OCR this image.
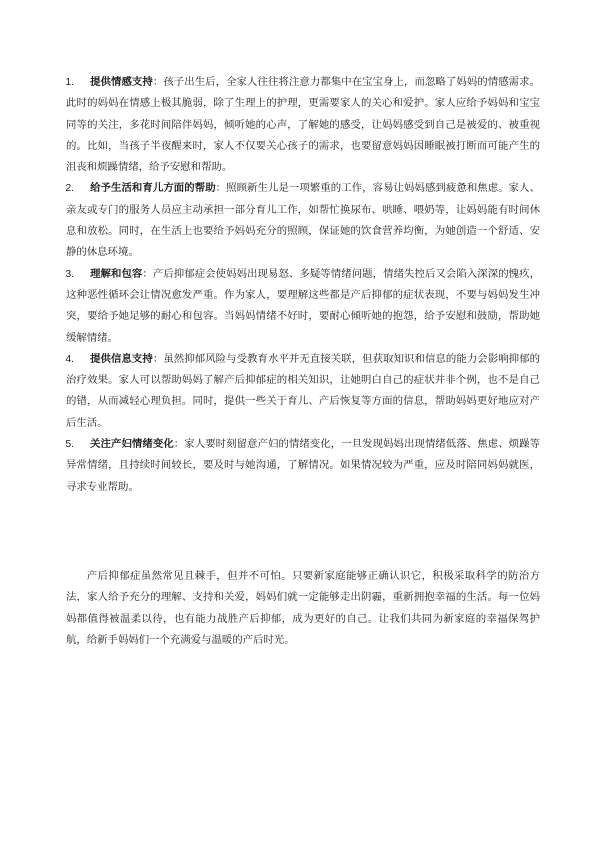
1.	提供情感支持：孩子出生后，全家人往往将注意力都集中在宝宝身上，而忽略了妈妈的情感需求。此时的妈妈在情感上极其脆弱，除了生理上的护理，更需要家人的关心和爱护。家人应给予妈妈和宝宝同等的关注，多花时间陪伴妈妈，倾听她的心声，了解她的感受，让妈妈感受到自己是被爱的、被重视的。比如，当孩子半夜醒来时，家人不仅要关心孩子的需求，也要留意妈妈因睡眠被打断而可能产生的沮丧和烦躁情绪，给予安慰和帮助。
2.	给予生活和育儿方面的帮助：照顾新生儿是一项繁重的工作，容易让妈妈感到疲惫和焦虑。家人、亲友或专门的服务人员应主动承担一部分育儿工作，如帮忙换尿布、哄睡、喂奶等，让妈妈能有时间休息和放松。同时，在生活上也要给予妈妈充分的照顾，保证她的饮食营养均衡，为她创造一个舒适、安静的休息环境。
3.	理解和包容：产后抑郁症会使妈妈出现易怒、多疑等情绪问题，情绪失控后又会陷入深深的愧疚，这种恶性循环会让情况愈发严重。作为家人，要理解这些都是产后抑郁的症状表现，不要与妈妈发生冲突，要给予她足够的耐心和包容。当妈妈情绪不好时，要耐心倾听她的抱怨，给予安慰和鼓励，帮助她缓解情绪。
4.	提供信息支持：虽然抑郁风险与受教育水平并无直接关联，但获取知识和信息的能力会影响抑郁的治疗效果。家人可以帮助妈妈了解产后抑郁症的相关知识，让她明白自己的症状并非个例，也不是自己的错，从而减轻心理负担。同时，提供一些关于育儿、产后恢复等方面的信息，帮助妈妈更好地应对产后生活。
5.	关注产妇情绪变化：家人要时刻留意产妇的情绪变化，一旦发现妈妈出现情绪低落、焦虑、烦躁等异常情绪，且持续时间较长，要及时与她沟通，了解情况。如果情况较为严重，应及时陪同妈妈就医，寻求专业帮助。

产后抑郁症虽然常见且棘手，但并不可怕。只要新家庭能够正确认识它，积极采取科学的防治方法，家人给予充分的理解、支持和关爱，妈妈们就一定能够走出阴霾，重新拥抱幸福的生活。每一位妈妈都值得被温柔以待，也有能力战胜产后抑郁，成为更好的自己。让我们共同为新家庭的幸福保驾护航，给新手妈妈们一个充满爱与温暖的产后时光。
